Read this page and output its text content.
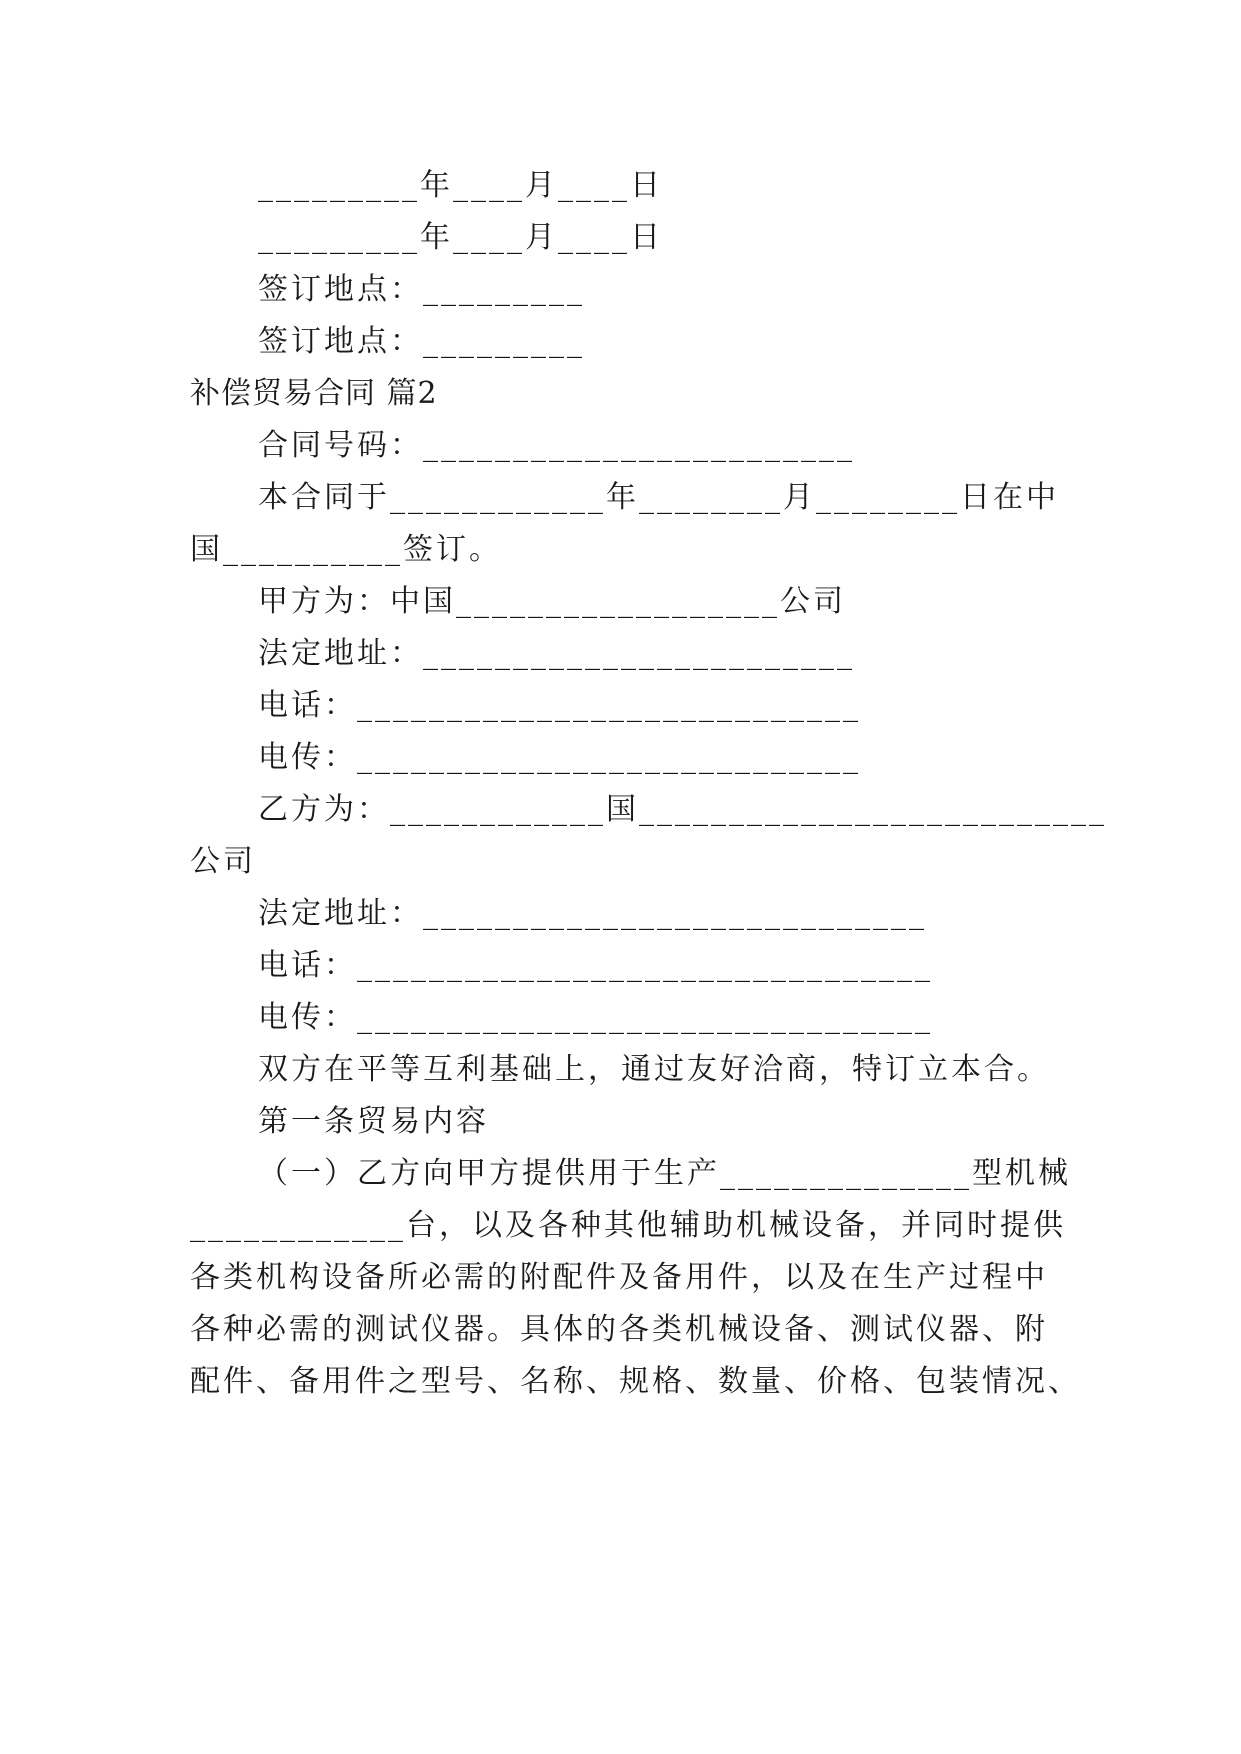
_________年____月____日
_________年____月____日
签订地点：_________
签订地点：_________
补偿贸易合同 篇2
合同号码：________________________
本合同于____________年________月________日在中
国__________签订。
甲方为：中国__________________公司
法定地址：________________________
电话：____________________________
电传：____________________________
乙方为：____________国__________________________
公司
法定地址：____________________________
电话：________________________________
电传：________________________________
双方在平等互利基础上，通过友好洽商，特订立本合。
第一条贸易内容
（一）乙方向甲方提供用于生产______________型机械
____________台，以及各种其他辅助机械设备，并同时提供
各类机构设备所必需的附配件及备用件，以及在生产过程中
各种必需的测试仪器。具体的各类机械设备、测试仪器、附
配件、备用件之型号、名称、规格、数量、价格、包装情况、
